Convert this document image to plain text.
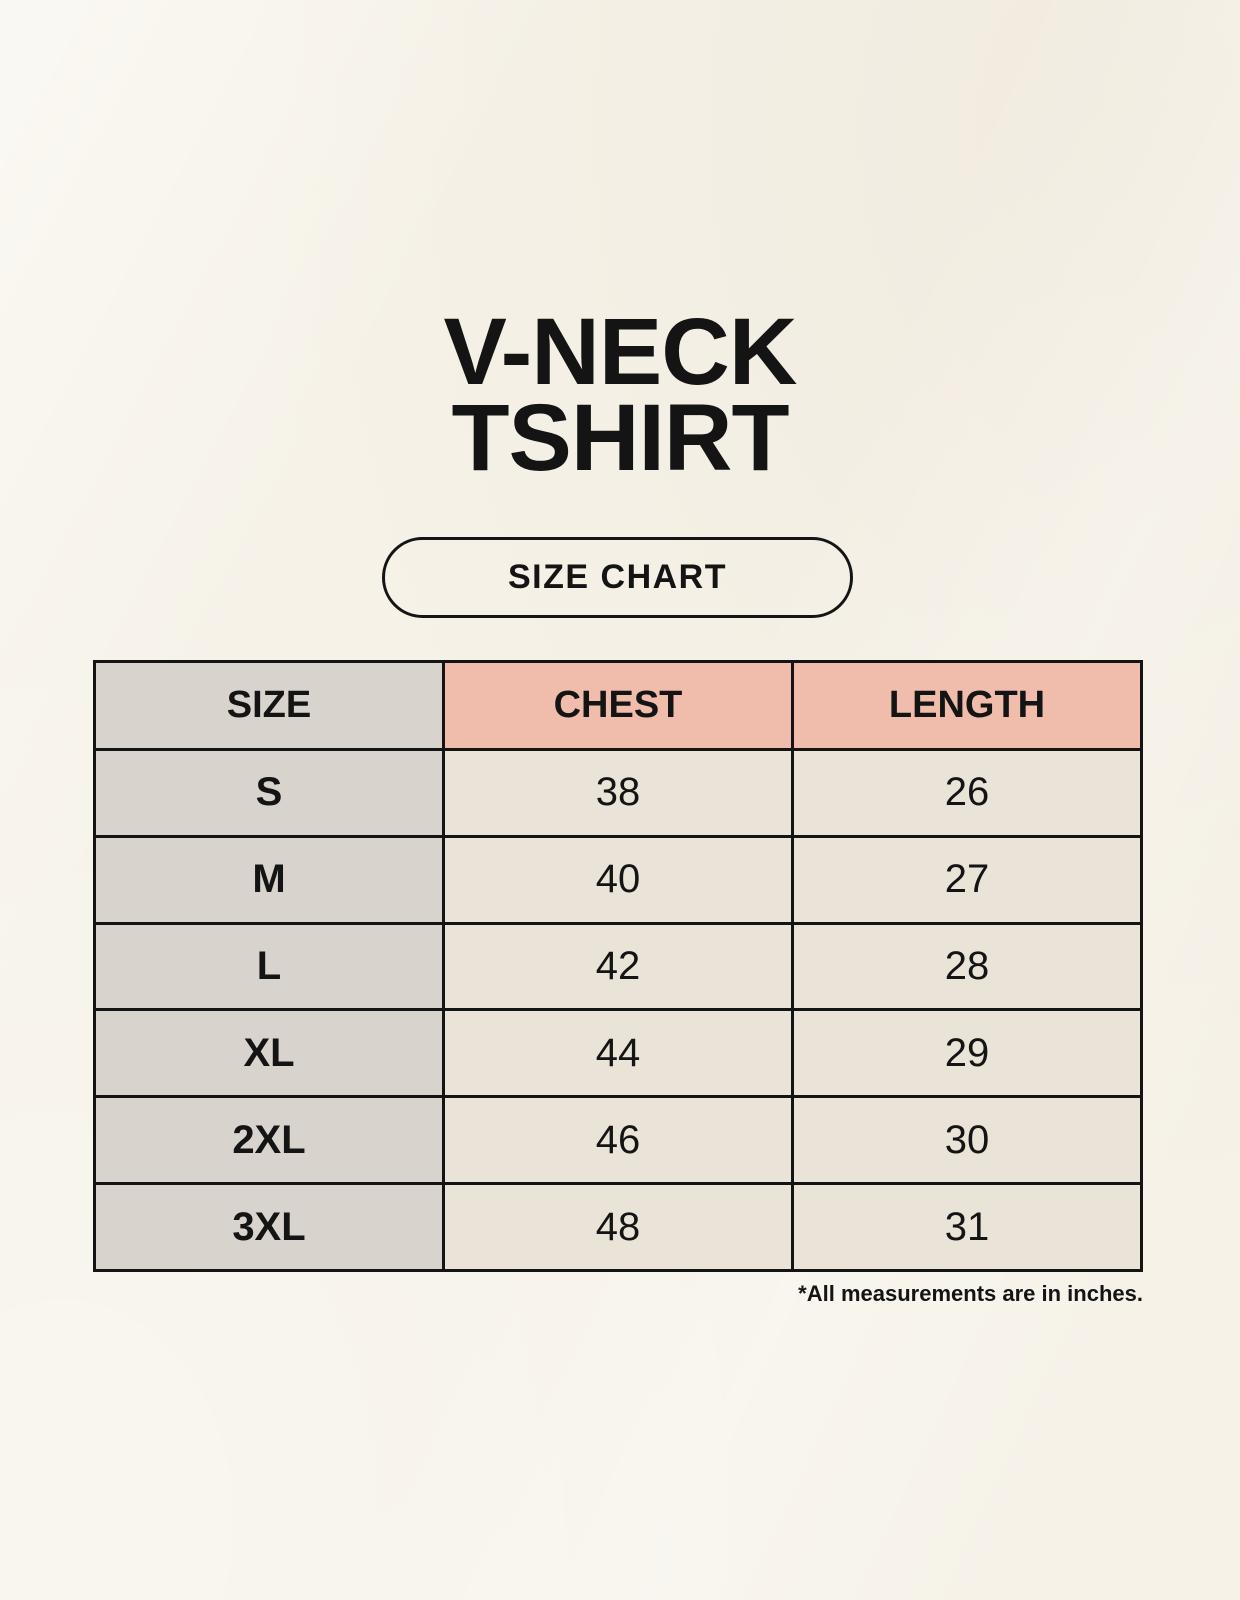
V-NECK
TSHIRT
SIZE CHART
SIZE	CHEST	LENGTH
S	38	26
M	40	27
L	42	28
XL	44	29
2XL	46	30
3XL	48	31
*All measurements are in inches.
